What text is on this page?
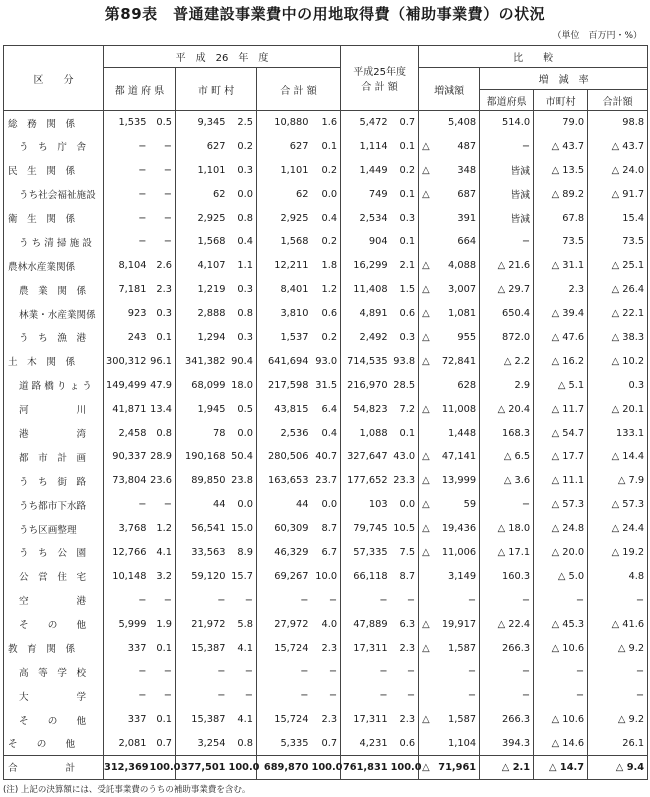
第89表　普通建設事業費中の用地取得費（補助事業費）の状況
（単位　百万円・%）
区　　分	平　成　26　年　度						平成25年度
合 計 額		比　　較			
	都 道 府 県		市 町 村		合 計 額				増減額	増　減　率		
										都道府県	市町村	合計額
総　務　関　係	1,535	0.5	9,345	2.5	10,880	1.6	5,472	0.7	5,408	514.0	79.0	98.8
う　ち　庁　舎	−	−	627	0.2	627	0.1	1,114	0.1	△ 487	−	△ 43.7	△ 43.7
民　生　関　係	−	−	1,101	0.3	1,101	0.2	1,449	0.2	△ 348	皆減	△ 13.5	△ 24.0
うち社会福祉施設	−	−	62	0.0	62	0.0	749	0.1	△ 687	皆減	△ 89.2	△ 91.7
衛　生　関　係	−	−	2,925	0.8	2,925	0.4	2,534	0.3	391	皆減	67.8	15.4
う ち 清 掃 施 設	−	−	1,568	0.4	1,568	0.2	904	0.1	664	−	73.5	73.5
農林水産業関係	8,104	2.6	4,107	1.1	12,211	1.8	16,299	2.1	△ 4,088	△ 21.6	△ 31.1	△ 25.1
農　業　関　係	7,181	2.3	1,219	0.3	8,401	1.2	11,408	1.5	△ 3,007	△ 29.7	2.3	△ 26.4
林業・水産業関係	923	0.3	2,888	0.8	3,810	0.6	4,891	0.6	△ 1,081	650.4	△ 39.4	△ 22.1
う　ち　漁　港	243	0.1	1,294	0.3	1,537	0.2	2,492	0.3	△ 955	872.0	△ 47.6	△ 38.3
土　木　関　係	300,312	96.1	341,382	90.4	641,694	93.0	714,535	93.8	△ 72,841	△ 2.2	△ 16.2	△ 10.2
道 路 橋 り ょ う	149,499	47.9	68,099	18.0	217,598	31.5	216,970	28.5	628	2.9	△ 5.1	0.3
河　　　　　川	41,871	13.4	1,945	0.5	43,815	6.4	54,823	7.2	△ 11,008	△ 20.4	△ 11.7	△ 20.1
港　　　　　湾	2,458	0.8	78	0.0	2,536	0.4	1,088	0.1	1,448	168.3	△ 54.7	133.1
都　市　計　画	90,337	28.9	190,168	50.4	280,506	40.7	327,647	43.0	△ 47,141	△ 6.5	△ 17.7	△ 14.4
う　ち　街　路	73,804	23.6	89,850	23.8	163,653	23.7	177,652	23.3	△ 13,999	△ 3.6	△ 11.1	△ 7.9
うち都市下水路	−	−	44	0.0	44	0.0	103	0.0	△ 59	−	△ 57.3	△ 57.3
うち区画整理	3,768	1.2	56,541	15.0	60,309	8.7	79,745	10.5	△ 19,436	△ 18.0	△ 24.8	△ 24.4
う　ち　公　園	12,766	4.1	33,563	8.9	46,329	6.7	57,335	7.5	△ 11,006	△ 17.1	△ 20.0	△ 19.2
公　営　住　宅	10,148	3.2	59,120	15.7	69,267	10.0	66,118	8.7	3,149	160.3	△ 5.0	4.8
空　　　　　港	−	−	−	−	−	−	−	−	−	−	−	−
そ　　の　　他	5,999	1.9	21,972	5.8	27,972	4.0	47,889	6.3	△ 19,917	△ 22.4	△ 45.3	△ 41.6
教　育　関　係	337	0.1	15,387	4.1	15,724	2.3	17,311	2.3	△ 1,587	266.3	△ 10.6	△ 9.2
高　等　学　校	−	−	−	−	−	−	−	−	−	−	−	−
大　　　　　学	−	−	−	−	−	−	−	−	−	−	−	−
そ　　の　　他	337	0.1	15,387	4.1	15,724	2.3	17,311	2.3	△ 1,587	266.3	△ 10.6	△ 9.2
そ　　の　　他	2,081	0.7	3,254	0.8	5,335	0.7	4,231	0.6	1,104	394.3	△ 14.6	26.1
合　　　　　計	312,369	100.0	377,501	100.0	689,870	100.0	761,831	100.0	△ 71,961	△ 2.1	△ 14.7	△ 9.4
(注) 上記の決算額には、受託事業費のうちの補助事業費を含む。
